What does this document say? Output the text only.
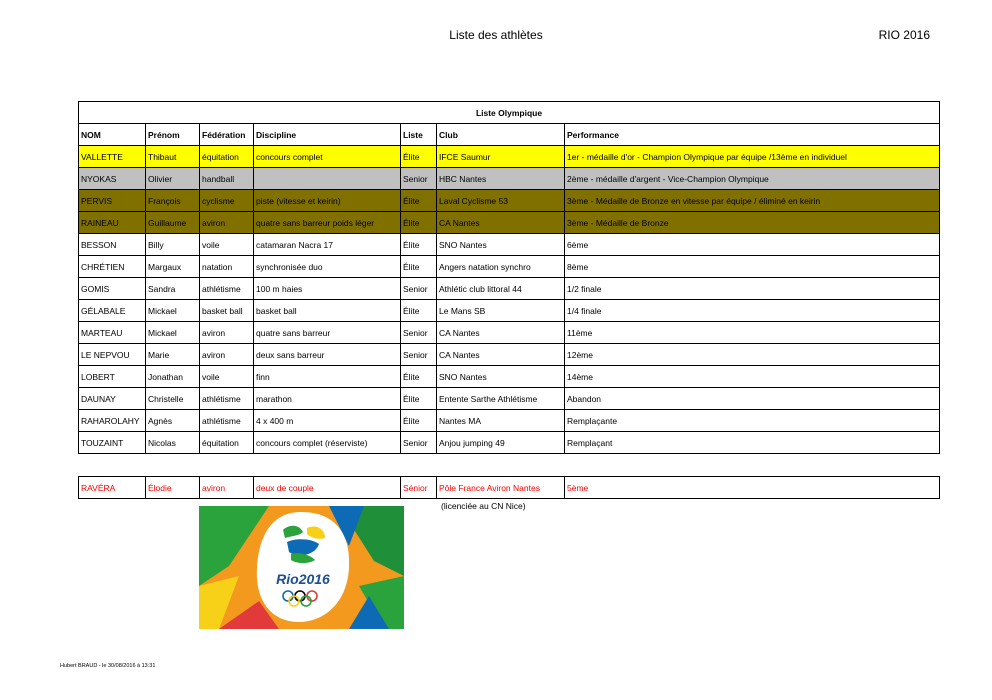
Liste des athlètes	RIO 2016
Liste Olympique						
NOM	Prénom	Fédération	Discipline	Liste	Club	Performance
VALLETTE	Thibaut	équitation	concours complet	Élite	IFCE Saumur	1er - médaille d'or - Champion Olympique par équipe /13ème en individuel
NYOKAS	Olivier	handball		Senior	HBC Nantes	2ème - médaille d'argent - Vice-Champion Olympique
PERVIS	François	cyclisme	piste (vitesse et keirin)	Élite	Laval Cyclisme 53	3ème - Médaille de Bronze en vitesse par équipe / éliminé en keirin
RAINEAU	Guillaume	aviron	quatre sans barreur poids léger	Élite	CA Nantes	3ème - Médaille de Bronze
BESSON	Billy	voile	catamaran Nacra 17	Élite	SNO Nantes	6ème
CHRÉTIEN	Margaux	natation	synchronisée duo	Élite	Angers natation synchro	8ème
GOMIS	Sandra	athlétisme	100 m haies	Senior	Athlétic club littoral 44	1/2 finale
GÉLABALE	Mickael	basket ball	basket ball	Élite	Le Mans SB	1/4 finale
MARTEAU	Mickael	aviron	quatre sans barreur	Senior	CA Nantes	11ème
LE NEPVOU	Marie	aviron	deux sans barreur	Senior	CA Nantes	12ème
LOBERT	Jonathan	voile	finn	Élite	SNO Nantes	14ème
DAUNAY	Christelle	athlétisme	marathon	Élite	Entente Sarthe Athlétisme	Abandon
RAHAROLAHY	Agnès	athlétisme	4 x 400 m	Élite	Nantes MA	Remplaçante
TOUZAINT	Nicolas	équitation	concours complet (réserviste)	Senior	Anjou jumping 49	Remplaçant
RAVÉRA	Élodie	aviron	deux de couple	Sénior	Pôle France Aviron Nantes	5ème
(licenciée au CN Nice)
Rio2016
Hubert BRAUD - le 30/08/2016 à 13:31
